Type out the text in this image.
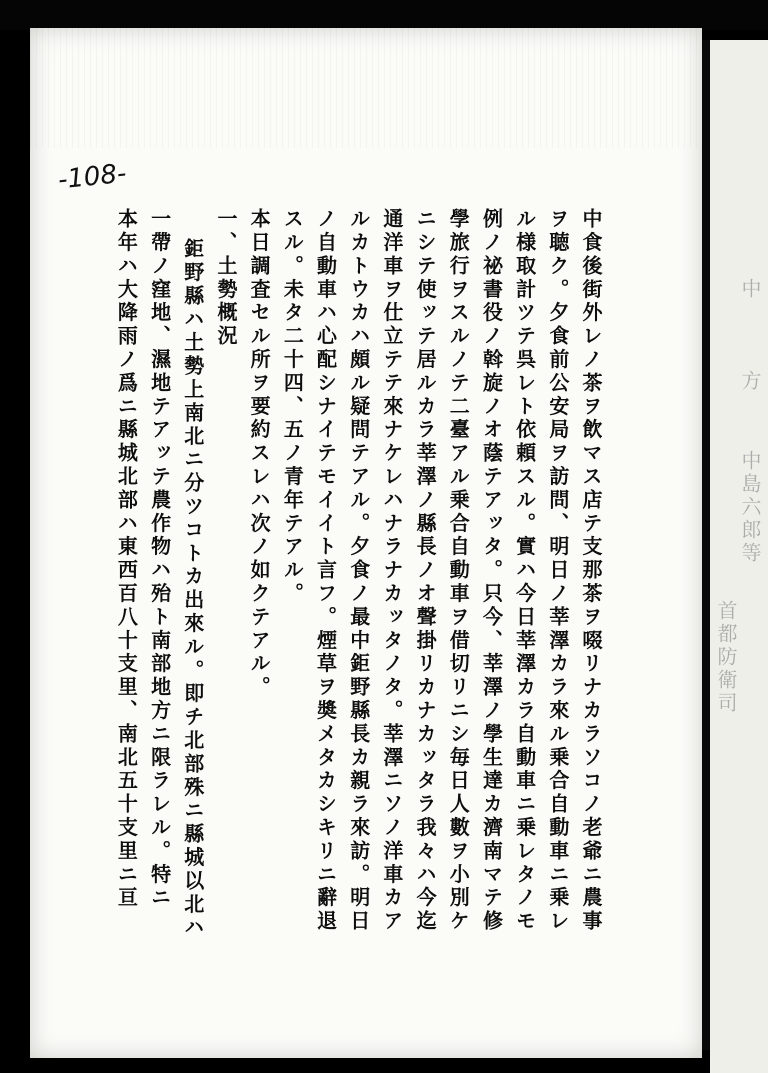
-108-
中食後街外レノ茶ヲ飲マス店テ支那茶ヲ啜リナカラソコノ老爺ニ農事
ヲ聴ク。夕食前公安局ヲ訪問、明日ノ莘澤カラ來ル乗合自動車ニ乗レ
ル様取計ツテ呉レト依頼スル。實ハ今日莘澤カラ自動車ニ乗レタノモ
例ノ祕書役ノ斡旋ノオ蔭テアッタ。只今、莘澤ノ學生達カ濟南マテ修
學旅行ヲスルノテ二臺アル乗合自動車ヲ借切リニシ毎日人數ヲ小別ケ
ニシテ使ッテ居ルカラ莘澤ノ縣長ノオ聲掛リカナカッタラ我々ハ今迄
通洋車ヲ仕立テテ來ナケレハナラナカッタノタ。莘澤ニソノ洋車カア
ルカトウカハ頗ル疑問テアル。夕食ノ最中鉅野縣長カ親ラ來訪。明日
ノ自動車ハ心配シナイテモイイト言フ。煙草ヲ奬メタカシキリニ辭退
スル。未タ二十四、五ノ青年テアル。
本日調査セル所ヲ要約スレハ次ノ如クテアル。
一、土勢概況
鉅野縣ハ土勢上南北ニ分ツコトカ出來ル。即チ北部殊ニ縣城以北ハ
一帶ノ窪地、濕地テアッテ農作物ハ殆ト南部地方ニ限ラレル。特ニ
本年ハ大降雨ノ爲ニ縣城北部ハ東西百八十支里、南北五十支里ニ亘	中
方
中島六郎等
首都防衛司
